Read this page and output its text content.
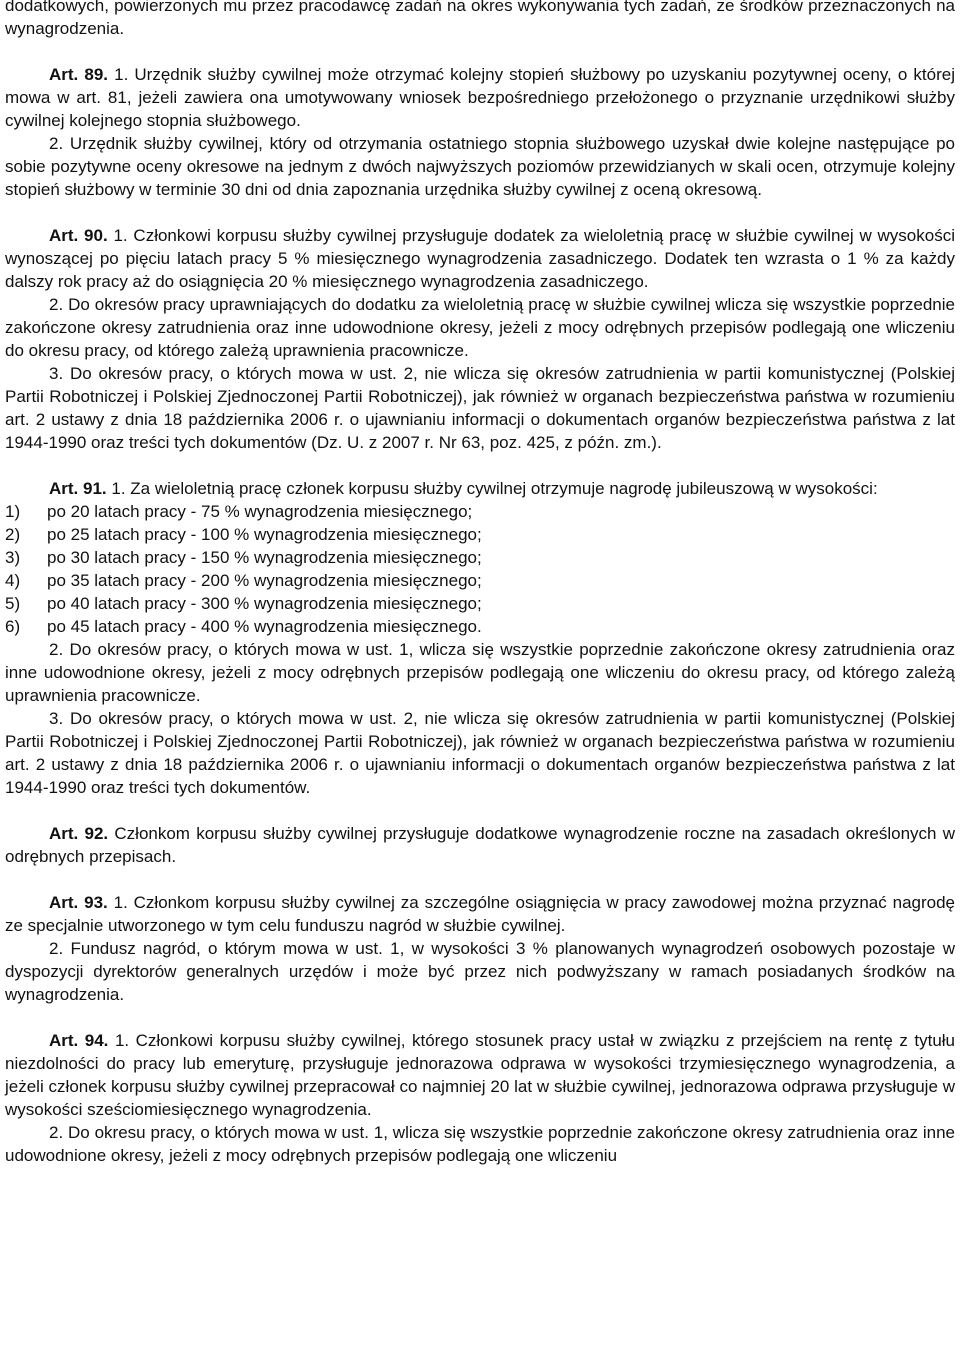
dodatkowych, powierzonych mu przez pracodawcę zadań na okres wykonywania tych zadań, ze środków przeznaczonych na wynagrodzenia.

Art. 89. 1. Urzędnik służby cywilnej może otrzymać kolejny stopień służbowy po uzyskaniu pozytywnej oceny, o której mowa w art. 81, jeżeli zawiera ona umotywowany wniosek bezpośredniego przełożonego o przyznanie urzędnikowi służby cywilnej kolejnego stopnia służbowego.

2. Urzędnik służby cywilnej, który od otrzymania ostatniego stopnia służbowego uzyskał dwie kolejne następujące po sobie pozytywne oceny okresowe na jednym z dwóch najwyższych poziomów przewidzianych w skali ocen, otrzymuje kolejny stopień służbowy w terminie 30 dni od dnia zapoznania urzędnika służby cywilnej z oceną okresową.

Art. 90. 1. Członkowi korpusu służby cywilnej przysługuje dodatek za wieloletnią pracę w służbie cywilnej w wysokości wynoszącej po pięciu latach pracy 5 % miesięcznego wynagrodzenia zasadniczego. Dodatek ten wzrasta o 1 % za każdy dalszy rok pracy aż do osiągnięcia 20 % miesięcznego wynagrodzenia zasadniczego.

2. Do okresów pracy uprawniających do dodatku za wieloletnią pracę w służbie cywilnej wlicza się wszystkie poprzednie zakończone okresy zatrudnienia oraz inne udowodnione okresy, jeżeli z mocy odrębnych przepisów podlegają one wliczeniu do okresu pracy, od którego zależą uprawnienia pracownicze.

3. Do okresów pracy, o których mowa w ust. 2, nie wlicza się okresów zatrudnienia w partii komunistycznej (Polskiej Partii Robotniczej i Polskiej Zjednoczonej Partii Robotniczej), jak również w organach bezpieczeństwa państwa w rozumieniu art. 2 ustawy z dnia 18 października 2006 r. o ujawnianiu informacji o dokumentach organów bezpieczeństwa państwa z lat 1944-1990 oraz treści tych dokumentów (Dz. U. z 2007 r. Nr 63, poz. 425, z późn. zm.).

Art. 91. 1. Za wieloletnią pracę członek korpusu służby cywilnej otrzymuje nagrodę jubileuszową w wysokości:

1)	po 20 latach pracy - 75 % wynagrodzenia miesięcznego;
2)	po 25 latach pracy - 100 % wynagrodzenia miesięcznego;
3)	po 30 latach pracy - 150 % wynagrodzenia miesięcznego;
4)	po 35 latach pracy - 200 % wynagrodzenia miesięcznego;
5)	po 40 latach pracy - 300 % wynagrodzenia miesięcznego;
6)	po 45 latach pracy - 400 % wynagrodzenia miesięcznego.

2. Do okresów pracy, o których mowa w ust. 1, wlicza się wszystkie poprzednie zakończone okresy zatrudnienia oraz inne udowodnione okresy, jeżeli z mocy odrębnych przepisów podlegają one wliczeniu do okresu pracy, od którego zależą uprawnienia pracownicze.

3. Do okresów pracy, o których mowa w ust. 2, nie wlicza się okresów zatrudnienia w partii komunistycznej (Polskiej Partii Robotniczej i Polskiej Zjednoczonej Partii Robotniczej), jak również w organach bezpieczeństwa państwa w rozumieniu art. 2 ustawy z dnia 18 października 2006 r. o ujawnianiu informacji o dokumentach organów bezpieczeństwa państwa z lat 1944-1990 oraz treści tych dokumentów.

Art. 92. Członkom korpusu służby cywilnej przysługuje dodatkowe wynagrodzenie roczne na zasadach określonych w odrębnych przepisach.

Art. 93. 1. Członkom korpusu służby cywilnej za szczególne osiągnięcia w pracy zawodowej można przyznać nagrodę ze specjalnie utworzonego w tym celu funduszu nagród w służbie cywilnej.

2. Fundusz nagród, o którym mowa w ust. 1, w wysokości 3 % planowanych wynagrodzeń osobowych pozostaje w dyspozycji dyrektorów generalnych urzędów i może być przez nich podwyższany w ramach posiadanych środków na wynagrodzenia.

Art. 94. 1. Członkowi korpusu służby cywilnej, którego stosunek pracy ustał w związku z przejściem na rentę z tytułu niezdolności do pracy lub emeryturę, przysługuje jednorazowa odprawa w wysokości trzymiesięcznego wynagrodzenia, a jeżeli członek korpusu służby cywilnej przepracował co najmniej 20 lat w służbie cywilnej, jednorazowa odprawa przysługuje w wysokości sześciomiesięcznego wynagrodzenia.

2. Do okresu pracy, o których mowa w ust. 1, wlicza się wszystkie poprzednie zakończone okresy zatrudnienia oraz inne udowodnione okresy, jeżeli z mocy odrębnych przepisów podlegają one wliczeniu
